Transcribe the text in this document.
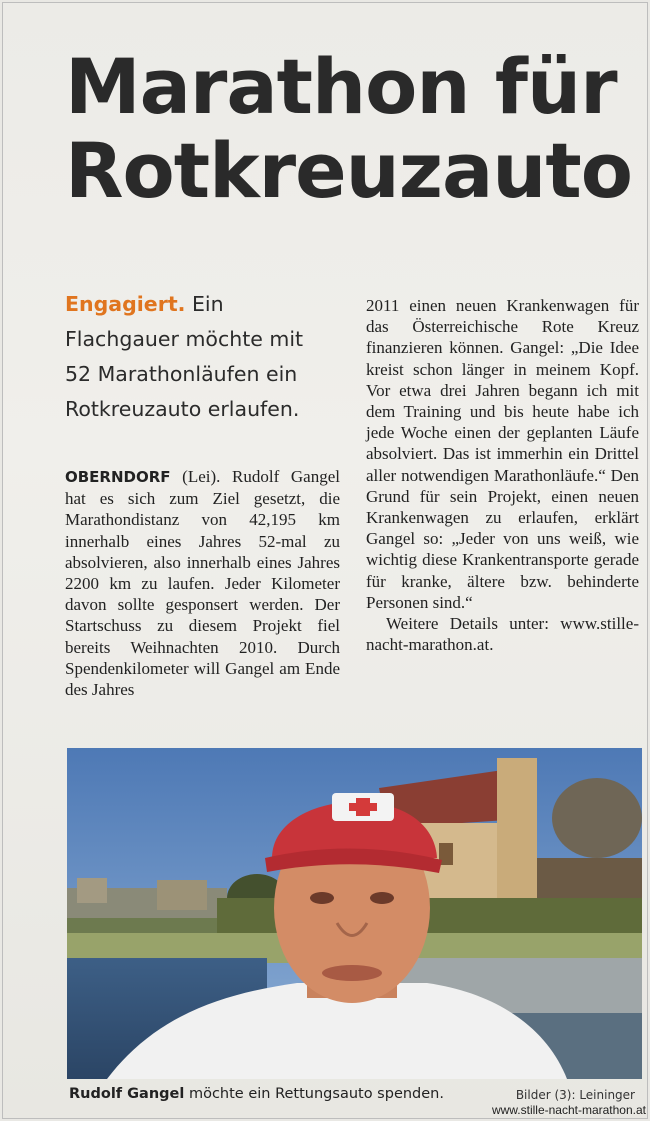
Marathon für
Rotkreuzauto
Engagiert. Ein Flachgauer möchte mit 52 Marathonläufen ein Rotkreuzauto erlaufen.

OBERNDORF (Lei). Rudolf Gangel hat es sich zum Ziel gesetzt, die Marathondistanz von 42,195 km innerhalb eines Jahres 52-mal zu absolvieren, also innerhalb eines Jahres 2200 km zu laufen. Jeder Kilometer davon sollte gesponsert werden. Der Startschuss zu diesem Projekt fiel bereits Weihnachten 2010. Durch Spendenkilometer will Gangel am Ende des Jahres

2011 einen neuen Krankenwagen für das Österreichische Rote Kreuz finanzieren können. Gangel: „Die Idee kreist schon länger in meinem Kopf. Vor etwa drei Jahren begann ich mit dem Training und bis heute habe ich jede Woche einen der geplanten Läufe absolviert. Das ist immerhin ein Drittel aller notwendigen Marathonläufe.“ Den Grund für sein Projekt, einen neuen Krankenwagen zu erlaufen, erklärt Gangel so: „Jeder von uns weiß, wie wichtig diese Krankentransporte gerade für kranke, ältere bzw. behinderte Personen sind.“

Weitere Details unter: www.stille-nacht-marathon.at.

Rudolf Gangel möchte ein Rettungsauto spenden.	Bilder (3): Leininger
www.stille-nacht-marathon.at
